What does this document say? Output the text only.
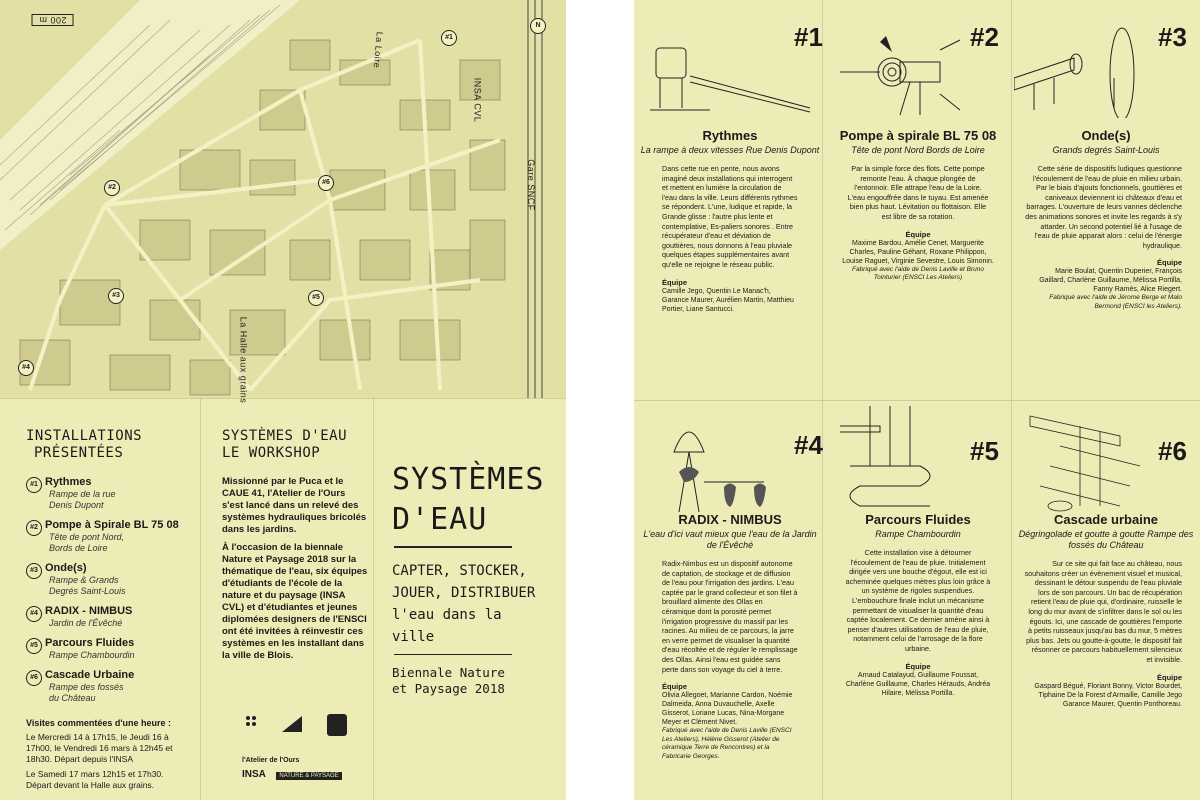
200 m
N
La Loire
INSA CVL
Gare SNCF
La Halle aux grains
#1
#2
#3
#4
#5
#6
INSTALLATIONS
PRÉSENTÉES
#1 Rythmes
Rampe de la rue
Denis Dupont
#2 Pompe à Spirale BL 75 08
Tête de pont Nord,
Bords de Loire
#3 Onde(s)
Rampe & Grands
Degrés Saint-Louis
#4 RADIX - NIMBUS
Jardin de l'Évêché
#5 Parcours Fluides
Rampe Chambourdin
#6 Cascade Urbaine
Rampe des fossés
du Château
Visites commentées d'une heure :
Le Mercredi 14 à 17h15, le Jeudi 16 à 17h00, le Vendredi 16 mars à 12h45 et 18h30. Départ depuis l'INSA
Le Samedi 17 mars 12h15 et 17h30. Départ devant la Halle aux grains.
SYSTÈMES D'EAU
LE WORKSHOP

Missionné par le Puca et le CAUE 41, l'Atelier de l'Ours s'est lancé dans un relevé des systèmes hydrauliques bricolés dans les jardins.

À l'occasion de la biennale Nature et Paysage 2018 sur la thématique de l'eau, six équipes d'étudiants de l'école de la nature et du paysage (INSA CVL) et d'étudiantes et jeunes diplomées designers de l'ENSCI ont été invitées à réinvestir ces systèmes en les installant dans la ville de Blois.

l'Atelier de l'Ours
INSA NATURE & PAYSAGE
SYSTÈMES
D'EAU
CAPTER, STOCKER,
JOUER, DISTRIBUER
l'eau dans la ville
Biennale Nature
et Paysage 2018
#1
Rythmes
La rampe à deux vitesses Rue Denis Dupont
Dans cette rue en pente, nous avons imaginé deux installations qui interrogent et mettent en lumière la circulation de l'eau dans la ville. Leurs différents rythmes se répondent. L'une, ludique et rapide, la Grande glisse : l'autre plus lente et contemplative, Es-paliers sonores . Entre récupérateur d'eau et déviation de gouttières, nous donnons à l'eau pluviale quelques étapes supplémentaires avant qu'elle ne rejoigne le réseau public.
Équipe
Camille Jego, Quentin Le Manac'h, Garance Maurer, Aurélien Martin, Matthieu Portier, Liane Santucci.
#2
Pompe à spirale BL 75 08
Tête de pont Nord Bords de Loire
Par la simple force des flots. Cette pompe remonte l'eau. À chaque plongée de l'entonnoir. Elle attrape l'eau de la Loire. L'eau engouffrée dans le tuyau. Est amenée bien plus haut. Lévitation ou flottaison. Elle est libre de sa rotation.
Équipe
Maxime Bardou, Amélie Cenet, Marguerite Charles, Pauline Géhant, Roxane Philippon, Louise Raguet, Virginie Sevestre, Louis Simonin.
Fabriqué avec l'aide de Denis Laville et Bruno Tointurier (ENSCI Les Ateliers)
#3
Onde(s)
Grands degrés Saint-Louis
Cette série de dispositifs ludiques questionne l'écoulement de l'eau de pluie en milieu urbain. Par le biais d'ajouts fonctionnels, gouttières et caniveaux deviennent ici châteaux d'eau et barrages. L'ouverture de leurs vannes déclenche des animations sonores et invite les regards à s'y attarder. Un second potentiel lié à l'usage de l'eau de pluie apparait alors : celui de l'énergie hydraulique.
Équipe
Marie Boulat, Quentin Duperier, François Gaillard, Charlène Guillaume, Mélissa Portilla, Fanny Ramès, Alice Riegert.
Fabriqué avec l'aide de Jérome Berge et Malo Bermond (ENSCI les Ateliers).
#4
RADIX - NIMBUS
L'eau d'ici vaut mieux que l'eau de la Jardin de l'Évêché
Radix-Nimbus est un dispositif autonome de captation, de stockage et de diffusion de l'eau pour l'irrigation des jardins. L'eau captée par le grand collecteur et son filet à brouillard alimente des Ollas en céramique dont la porosité permet l'irrigation progressive du massif par les racines. Au milieu de ce parcours, la jarre en verre permet de visualiser la quantité d'eau récoltée et de réguler le remplissage des Ollas. Ainsi l'eau est guidée sans perte dans son voyage du ciel à terre.
Équipe
Olivia Allegoet, Marianne Cardon, Noémie Dalmeida, Anna Duvauchelle, Axelle Gisserot, Loriane Lucas, Nina-Morgane Meyer et Clément Nivet.
Fabriqué avec l'aide de Denis Laville (ENSCI Les Ateliers), Hélène Gisserot (Atelier de céramique Terre de Rencontres) et la Fabricarie Georges.
#5
Parcours Fluides
Rampe Chambourdin
Cette installation vise à détourner l'écoulement de l'eau de pluie. Initialement dirigée vers une bouche d'égout, elle est ici acheminée quelques mètres plus loin grâce à un système de rigoles suspendues. L'embouchure finale inclut un mécanisme permettant de visualiser la quantité d'eau captée localement. Ce dernier amène ainsi à penser d'autres utilisations de l'eau de pluie, notamment celui de l'arrosage de la flore urbaine.
Équipe
Arnaud Catalayud, Guillaume Foussat, Charlène Guillaume, Charles Hérauds, Andréa Hilaire, Mélissa Portilla.
#6
Cascade urbaine
Dégringolade et goutte à goutte Rampe des fossés du Château
Sur ce site qui fait face au château, nous souhaitons créer un évènement visuel et musical, dessinant le détour suspendu de l'eau pluviale lors de son parcours. Un bac de récupération retient l'eau de pluie qui, d'ordinaire, ruisselle le long du mur avant de s'infiltrer dans le sol ou les égouts. Ici, une cascade de gouttières l'emporte à petits ruisseaux jusqu'au bas du mur, 5 mètres plus bas. Jets ou goutte-à-goutte, le dispositif fait résonner ce parcours habituellement silencieux et invisible.
Équipe
Gaspard Bégué, Floriant Bonny, Victor Bourdet, Tiphaine De la Forest d'Armaille, Camille Jego Garance Maurer, Quentin Ponthoreau.
